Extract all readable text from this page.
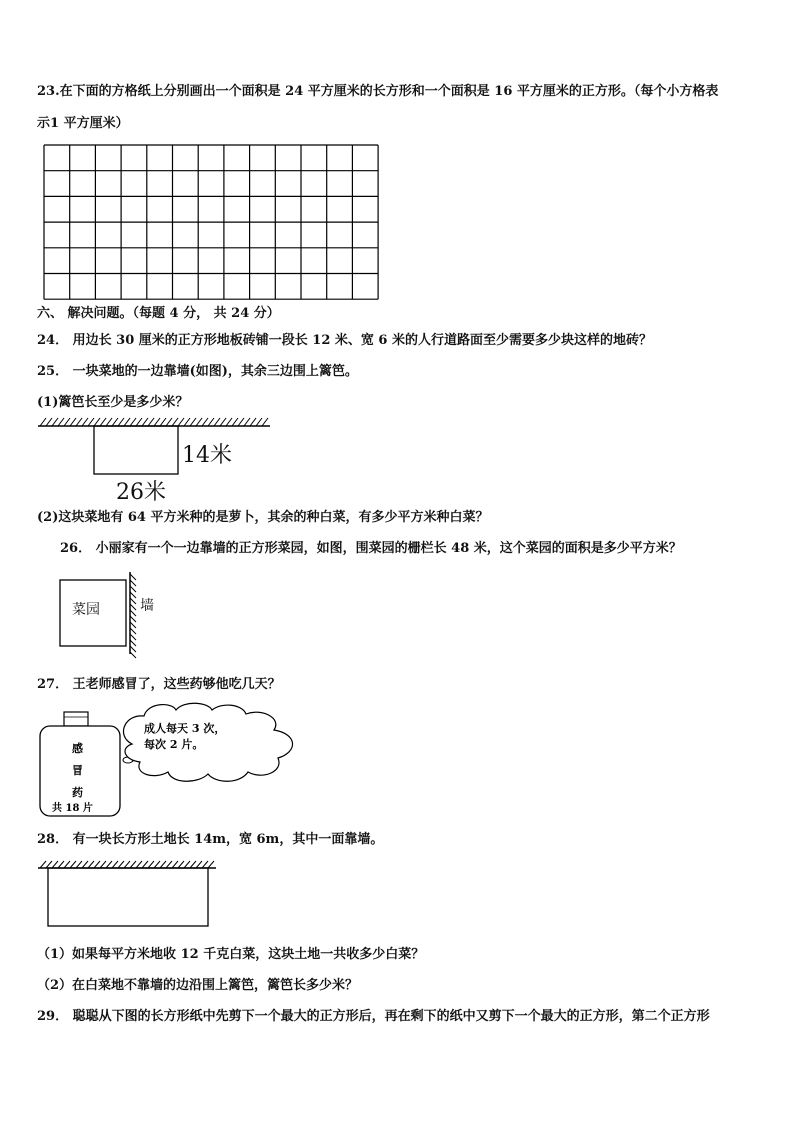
23.在下面的方格纸上分别画出一个面积是 24 平方厘米的长方形和一个面积是 16 平方厘米的正方形。（每个小方格表
示1 平方厘米）
六、 解决问题。（每题 4 分， 共 24 分）
24． 用边长 30 厘米的正方形地板砖铺一段长 12 米、宽 6 米的人行道路面至少需要多少块这样的地砖？
25． 一块菜地的一边靠墙(如图)，其余三边围上篱笆。
(1)篱笆长至少是多少米？
14米
26米
(2)这块菜地有 64 平方米种的是萝卜，其余的种白菜，有多少平方米种白菜？
26． 小丽家有一个一边靠墙的正方形菜园，如图，围菜园的栅栏长 48 米，这个菜园的面积是多少平方米？
菜园	墙
27． 王老师感冒了，这些药够他吃几天？
感
冒
药
共 18 片
成人每天 3 次，
每次 2 片。
28． 有一块长方形土地长 14m，宽 6m，其中一面靠墙。
（1）如果每平方米地收 12 千克白菜，这块土地一共收多少白菜？
（2）在白菜地不靠墙的边沿围上篱笆，篱笆长多少米？
29． 聪聪从下图的长方形纸中先剪下一个最大的正方形后，再在剩下的纸中又剪下一个最大的正方形，第二个正方形
